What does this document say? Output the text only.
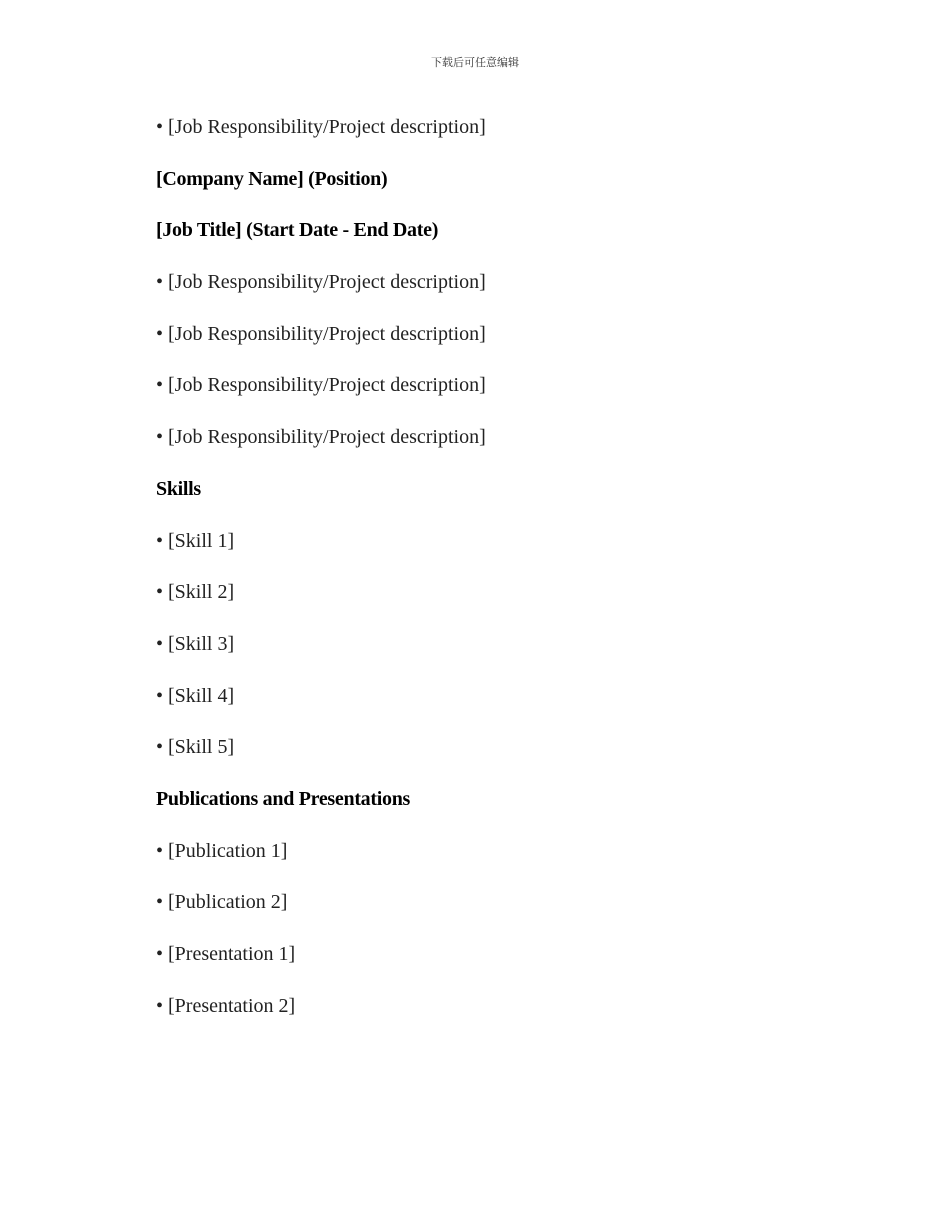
下载后可任意编辑
• [Job Responsibility/Project description]
[Company Name] (Position)
[Job Title] (Start Date - End Date)
• [Job Responsibility/Project description]
• [Job Responsibility/Project description]
• [Job Responsibility/Project description]
• [Job Responsibility/Project description]
Skills
• [Skill 1]
• [Skill 2]
• [Skill 3]
• [Skill 4]
• [Skill 5]
Publications and Presentations
• [Publication 1]
• [Publication 2]
• [Presentation 1]
• [Presentation 2]
